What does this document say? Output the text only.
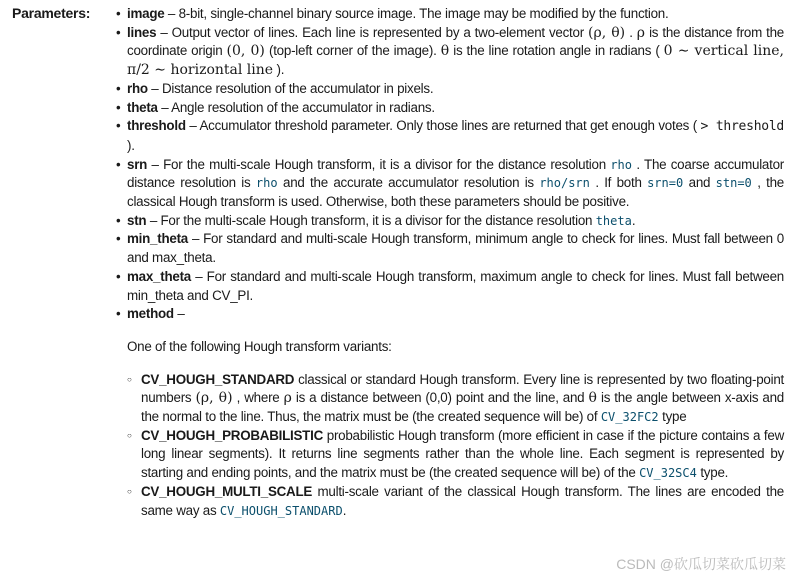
Parameters:	• image – 8-bit, single-channel binary source image. The image may be modified by the function.
• lines – Output vector of lines. Each line is represented by a two-element vector (ρ, θ) . ρ is the distance from the coordinate origin (0, 0) (top-left corner of the image). θ is the line rotation angle in radians ( 0 ∼ vertical line, π/2 ∼ horizontal line ).
• rho – Distance resolution of the accumulator in pixels.
• theta – Angle resolution of the accumulator in radians.
• threshold – Accumulator threshold parameter. Only those lines are returned that get enough votes ( > threshold ).
• srn – For the multi-scale Hough transform, it is a divisor for the distance resolution rho . The coarse accumulator distance resolution is rho and the accurate accumulator resolution is rho/srn . If both srn=0 and stn=0 , the classical Hough transform is used. Otherwise, both these parameters should be positive.
• stn – For the multi-scale Hough transform, it is a divisor for the distance resolution theta.
• min_theta – For standard and multi-scale Hough transform, minimum angle to check for lines. Must fall between 0 and max_theta.
• max_theta – For standard and multi-scale Hough transform, maximum angle to check for lines. Must fall between min_theta and CV_PI.
• method –
One of the following Hough transform variants:
○ CV_HOUGH_STANDARD classical or standard Hough transform. Every line is represented by two floating-point numbers (ρ, θ) , where ρ is a distance between (0,0) point and the line, and θ is the angle between x-axis and the normal to the line. Thus, the matrix must be (the created sequence will be) of CV_32FC2 type
○ CV_HOUGH_PROBABILISTIC probabilistic Hough transform (more efficient in case if the picture contains a few long linear segments). It returns line segments rather than the whole line. Each segment is represented by starting and ending points, and the matrix must be (the created sequence will be) of the CV_32SC4 type.
○ CV_HOUGH_MULTI_SCALE multi-scale variant of the classical Hough transform. The lines are encoded the same way as CV_HOUGH_STANDARD.
CSDN @砍瓜切菜砍瓜切菜
